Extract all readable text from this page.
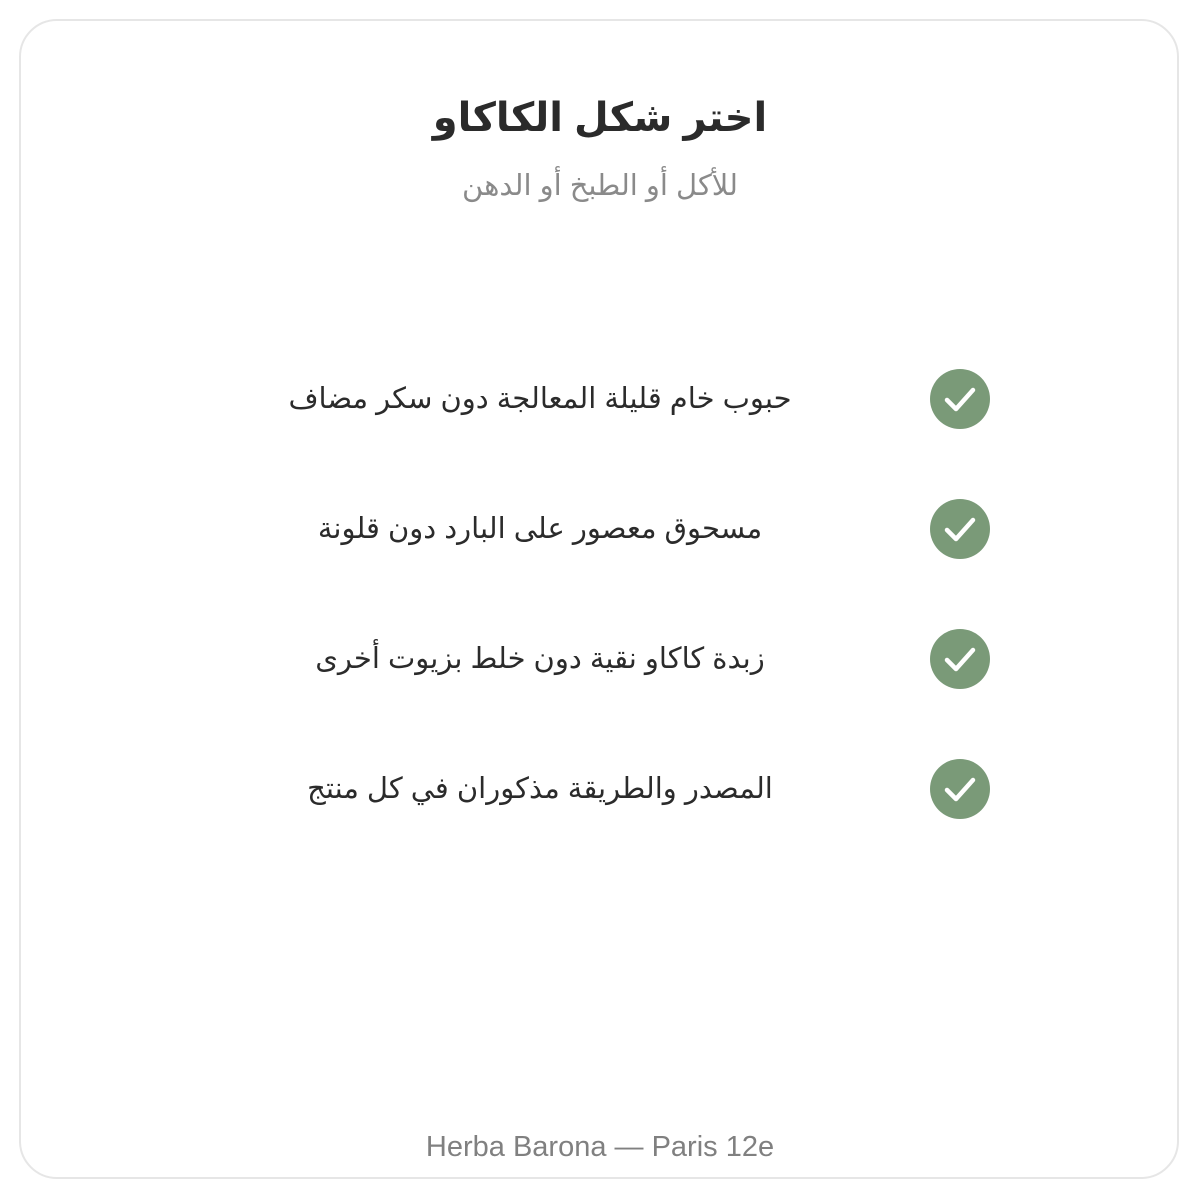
اختر شكل الكاكاو
للأكل أو الطبخ أو الدهن
حبوب خام قليلة المعالجة دون سكر مضاف
مسحوق معصور على البارد دون قلونة
زبدة كاكاو نقية دون خلط بزيوت أخرى
المصدر والطريقة مذكوران في كل منتج
Herba Barona — Paris 12e
